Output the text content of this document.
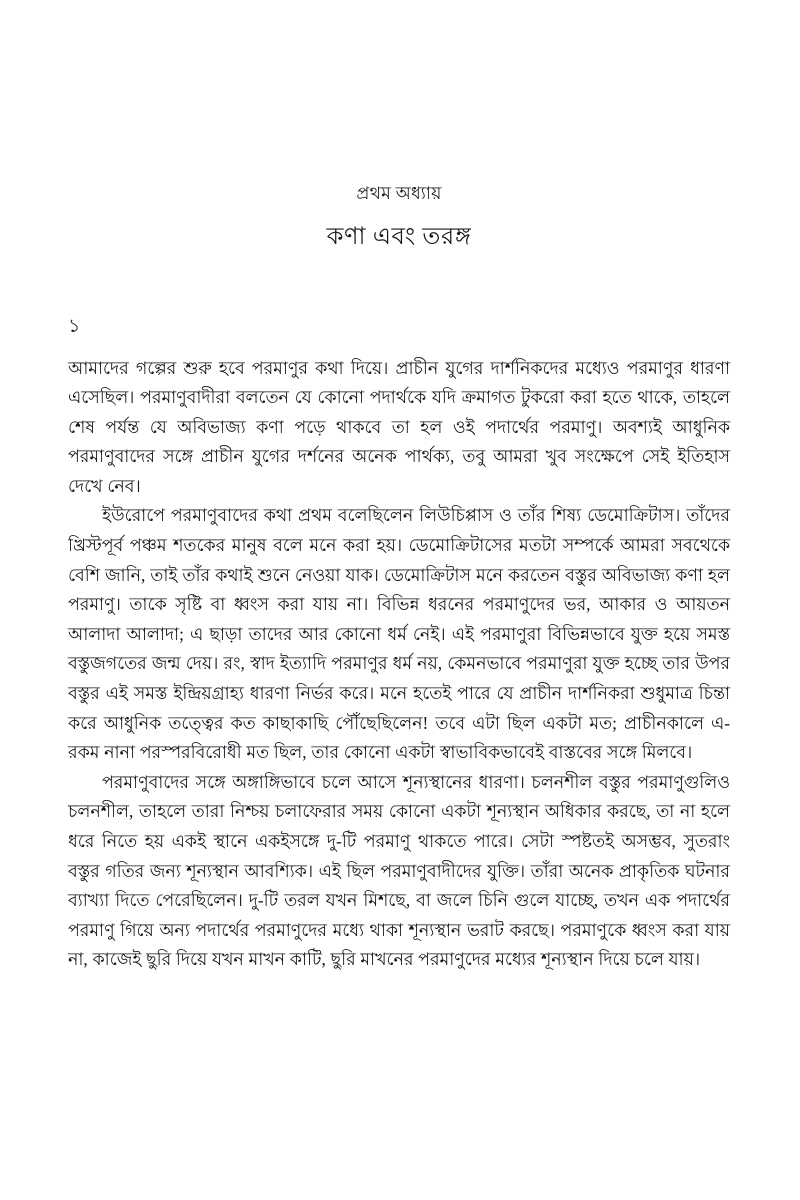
প্রথম অধ্যায়
কণা এবং তরঙ্গ
১

আমাদের গল্পের শুরু হবে পরমাণুর কথা দিয়ে। প্রাচীন যুগের দার্শনিকদের মধ্যেও পরমাণুর ধারণা এসেছিল। পরমাণুবাদীরা বলতেন যে কোনো পদার্থকে যদি ক্রমাগত টুকরো করা হতে থাকে, তাহলে শেষ পর্যন্ত যে অবিভাজ্য কণা পড়ে থাকবে তা হল ওই পদার্থের পরমাণু। অবশ্যই আধুনিক পরমাণুবাদের সঙ্গে প্রাচীন যুগের দর্শনের অনেক পার্থক্য, তবু আমরা খুব সংক্ষেপে সেই ইতিহাস দেখে নেব।

ইউরোপে পরমাণুবাদের কথা প্রথম বলেছিলেন লিউচিপ্পাস ও তাঁর শিষ্য ডেমোক্রিটাস। তাঁদের খ্রিস্টপূর্ব পঞ্চম শতকের মানুষ বলে মনে করা হয়। ডেমোক্রিটাসের মতটা সম্পর্কে আমরা সবথেকে বেশি জানি, তাই তাঁর কথাই শুনে নেওয়া যাক। ডেমোক্রিটাস মনে করতেন বস্তুর অবিভাজ্য কণা হল পরমাণু। তাকে সৃষ্টি বা ধ্বংস করা যায় না। বিভিন্ন ধরনের পরমাণুদের ভর, আকার ও আয়তন আলাদা আলাদা; এ ছাড়া তাদের আর কোনো ধর্ম নেই। এই পরমাণুরা বিভিন্নভাবে যুক্ত হয়ে সমস্ত বস্তুজগতের জন্ম দেয়। রং, স্বাদ ইত্যাদি পরমাণুর ধর্ম নয়, কেমনভাবে পরমাণুরা যুক্ত হচ্ছে তার উপর বস্তুর এই সমস্ত ইন্দ্রিয়গ্রাহ্য ধারণা নির্ভর করে। মনে হতেই পারে যে প্রাচীন দার্শনিকরা শুধুমাত্র চিন্তা করে আধুনিক তত্ত্বের কত কাছাকাছি পৌঁছেছিলেন! তবে এটা ছিল একটা মত; প্রাচীনকালে এ-রকম নানা পরস্পরবিরোধী মত ছিল, তার কোনো একটা স্বাভাবিকভাবেই বাস্তবের সঙ্গে মিলবে।

পরমাণুবাদের সঙ্গে অঙ্গাঙ্গিভাবে চলে আসে শূন্যস্থানের ধারণা। চলনশীল বস্তুর পরমাণুগুলিও চলনশীল, তাহলে তারা নিশ্চয় চলাফেরার সময় কোনো একটা শূন্যস্থান অধিকার করছে, তা না হলে ধরে নিতে হয় একই স্থানে একইসঙ্গে দু-টি পরমাণু থাকতে পারে। সেটা স্পষ্টতই অসম্ভব, সুতরাং বস্তুর গতির জন্য শূন্যস্থান আবশ্যিক। এই ছিল পরমাণুবাদীদের যুক্তি। তাঁরা অনেক প্রাকৃতিক ঘটনার ব্যাখ্যা দিতে পেরেছিলেন। দু-টি তরল যখন মিশছে, বা জলে চিনি গুলে যাচ্ছে, তখন এক পদার্থের পরমাণু গিয়ে অন্য পদার্থের পরমাণুদের মধ্যে থাকা শূন্যস্থান ভরাট করছে। পরমাণুকে ধ্বংস করা যায় না, কাজেই ছুরি দিয়ে যখন মাখন কাটি, ছুরি মাখনের পরমাণুদের মধ্যের শূন্যস্থান দিয়ে চলে যায়।
